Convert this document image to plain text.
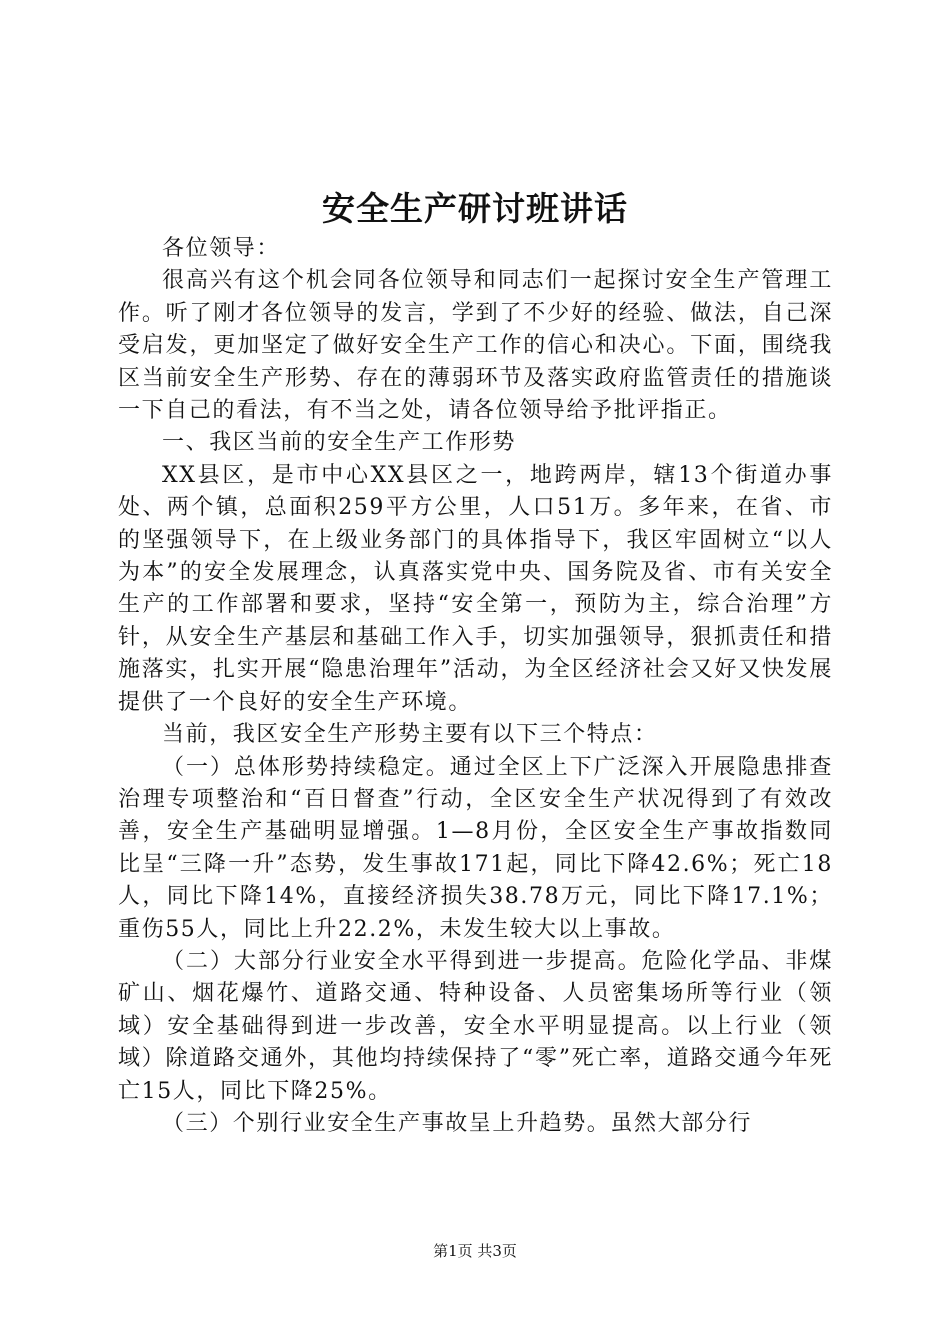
安全生产研讨班讲话

各位领导：

很高兴有这个机会同各位领导和同志们一起探讨安全生产管理工作。听了刚才各位领导的发言，学到了不少好的经验、做法，自己深受启发，更加坚定了做好安全生产工作的信心和决心。下面，围绕我区当前安全生产形势、存在的薄弱环节及落实政府监管责任的措施谈一下自己的看法，有不当之处，请各位领导给予批评指正。

一、我区当前的安全生产工作形势

XX县区，是市中心XX县区之一，地跨两岸，辖13个街道办事处、两个镇，总面积259平方公里，人口51万。多年来，在省、市的坚强领导下，在上级业务部门的具体指导下，我区牢固树立“以人为本”的安全发展理念，认真落实党中央、国务院及省、市有关安全生产的工作部署和要求，坚持“安全第一，预防为主，综合治理”方针，从安全生产基层和基础工作入手，切实加强领导，狠抓责任和措施落实，扎实开展“隐患治理年”活动，为全区经济社会又好又快发展提供了一个良好的安全生产环境。

当前，我区安全生产形势主要有以下三个特点：

（一）总体形势持续稳定。通过全区上下广泛深入开展隐患排查治理专项整治和“百日督查”行动，全区安全生产状况得到了有效改善，安全生产基础明显增强。1—8月份，全区安全生产事故指数同比呈“三降一升”态势，发生事故171起，同比下降42.6%；死亡18人，同比下降14%，直接经济损失38.78万元，同比下降17.1%；重伤55人，同比上升22.2%，未发生较大以上事故。

（二）大部分行业安全水平得到进一步提高。危险化学品、非煤矿山、烟花爆竹、道路交通、特种设备、人员密集场所等行业（领域）安全基础得到进一步改善，安全水平明显提高。以上行业（领域）除道路交通外，其他均持续保持了“零”死亡率，道路交通今年死亡15人，同比下降25%。

（三）个别行业安全生产事故呈上升趋势。虽然大部分行

第1页 共3页
